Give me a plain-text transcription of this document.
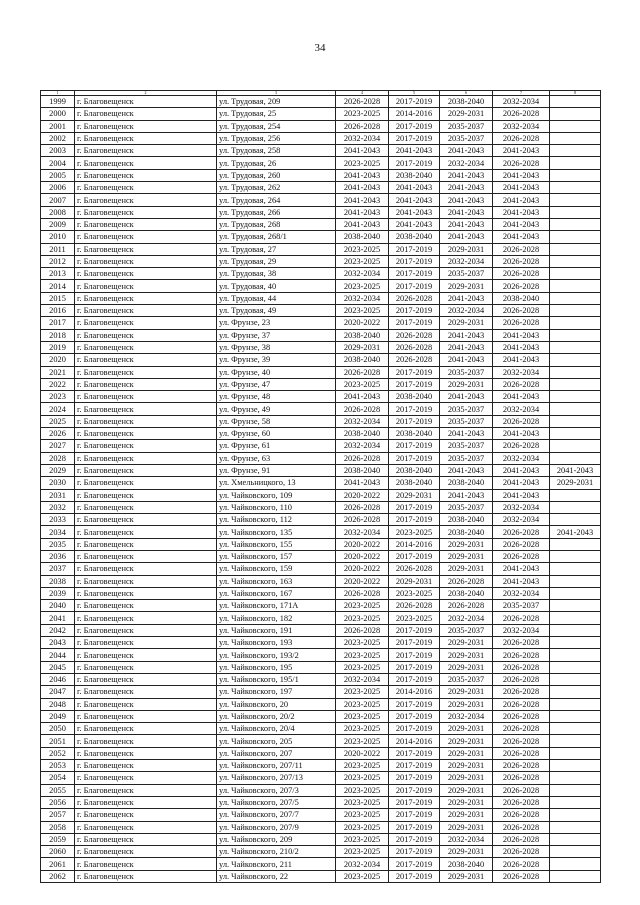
34
1	2	3	4	5	6	7	8
1999	г. Благовещенск	ул. Трудовая, 209	2026-2028	2017-2019	2038-2040	2032-2034	
2000	г. Благовещенск	ул. Трудовая, 25	2023-2025	2014-2016	2029-2031	2026-2028	
2001	г. Благовещенск	ул. Трудовая, 254	2026-2028	2017-2019	2035-2037	2032-2034	
2002	г. Благовещенск	ул. Трудовая, 256	2032-2034	2017-2019	2035-2037	2026-2028	
2003	г. Благовещенск	ул. Трудовая, 258	2041-2043	2041-2043	2041-2043	2041-2043	
2004	г. Благовещенск	ул. Трудовая, 26	2023-2025	2017-2019	2032-2034	2026-2028	
2005	г. Благовещенск	ул. Трудовая, 260	2041-2043	2038-2040	2041-2043	2041-2043	
2006	г. Благовещенск	ул. Трудовая, 262	2041-2043	2041-2043	2041-2043	2041-2043	
2007	г. Благовещенск	ул. Трудовая, 264	2041-2043	2041-2043	2041-2043	2041-2043	
2008	г. Благовещенск	ул. Трудовая, 266	2041-2043	2041-2043	2041-2043	2041-2043	
2009	г. Благовещенск	ул. Трудовая, 268	2041-2043	2041-2043	2041-2043	2041-2043	
2010	г. Благовещенск	ул. Трудовая, 268/1	2038-2040	2038-2040	2041-2043	2041-2043	
2011	г. Благовещенск	ул. Трудовая, 27	2023-2025	2017-2019	2029-2031	2026-2028	
2012	г. Благовещенск	ул. Трудовая, 29	2023-2025	2017-2019	2032-2034	2026-2028	
2013	г. Благовещенск	ул. Трудовая, 38	2032-2034	2017-2019	2035-2037	2026-2028	
2014	г. Благовещенск	ул. Трудовая, 40	2023-2025	2017-2019	2029-2031	2026-2028	
2015	г. Благовещенск	ул. Трудовая, 44	2032-2034	2026-2028	2041-2043	2038-2040	
2016	г. Благовещенск	ул. Трудовая, 49	2023-2025	2017-2019	2032-2034	2026-2028	
2017	г. Благовещенск	ул. Фрунзе, 23	2020-2022	2017-2019	2029-2031	2026-2028	
2018	г. Благовещенск	ул. Фрунзе, 37	2038-2040	2026-2028	2041-2043	2041-2043	
2019	г. Благовещенск	ул. Фрунзе, 38	2029-2031	2026-2028	2041-2043	2041-2043	
2020	г. Благовещенск	ул. Фрунзе, 39	2038-2040	2026-2028	2041-2043	2041-2043	
2021	г. Благовещенск	ул. Фрунзе, 40	2026-2028	2017-2019	2035-2037	2032-2034	
2022	г. Благовещенск	ул. Фрунзе, 47	2023-2025	2017-2019	2029-2031	2026-2028	
2023	г. Благовещенск	ул. Фрунзе, 48	2041-2043	2038-2040	2041-2043	2041-2043	
2024	г. Благовещенск	ул. Фрунзе, 49	2026-2028	2017-2019	2035-2037	2032-2034	
2025	г. Благовещенск	ул. Фрунзе, 58	2032-2034	2017-2019	2035-2037	2026-2028	
2026	г. Благовещенск	ул. Фрунзе, 60	2038-2040	2038-2040	2041-2043	2041-2043	
2027	г. Благовещенск	ул. Фрунзе, 61	2032-2034	2017-2019	2035-2037	2026-2028	
2028	г. Благовещенск	ул. Фрунзе, 63	2026-2028	2017-2019	2035-2037	2032-2034	
2029	г. Благовещенск	ул. Фрунзе, 91	2038-2040	2038-2040	2041-2043	2041-2043	2041-2043
2030	г. Благовещенск	ул. Хмельницкого, 13	2041-2043	2038-2040	2038-2040	2041-2043	2029-2031
2031	г. Благовещенск	ул. Чайковского, 109	2020-2022	2029-2031	2041-2043	2041-2043	
2032	г. Благовещенск	ул. Чайковского, 110	2026-2028	2017-2019	2035-2037	2032-2034	
2033	г. Благовещенск	ул. Чайковского, 112	2026-2028	2017-2019	2038-2040	2032-2034	
2034	г. Благовещенск	ул. Чайковского, 135	2032-2034	2023-2025	2038-2040	2026-2028	2041-2043
2035	г. Благовещенск	ул. Чайковского, 155	2020-2022	2014-2016	2029-2031	2026-2028	
2036	г. Благовещенск	ул. Чайковского, 157	2020-2022	2017-2019	2029-2031	2026-2028	
2037	г. Благовещенск	ул. Чайковского, 159	2020-2022	2026-2028	2029-2031	2041-2043	
2038	г. Благовещенск	ул. Чайковского, 163	2020-2022	2029-2031	2026-2028	2041-2043	
2039	г. Благовещенск	ул. Чайковского, 167	2026-2028	2023-2025	2038-2040	2032-2034	
2040	г. Благовещенск	ул. Чайковского, 171А	2023-2025	2026-2028	2026-2028	2035-2037	
2041	г. Благовещенск	ул. Чайковского, 182	2023-2025	2023-2025	2032-2034	2026-2028	
2042	г. Благовещенск	ул. Чайковского, 191	2026-2028	2017-2019	2035-2037	2032-2034	
2043	г. Благовещенск	ул. Чайковского, 193	2023-2025	2017-2019	2029-2031	2026-2028	
2044	г. Благовещенск	ул. Чайковского, 193/2	2023-2025	2017-2019	2029-2031	2026-2028	
2045	г. Благовещенск	ул. Чайковского, 195	2023-2025	2017-2019	2029-2031	2026-2028	
2046	г. Благовещенск	ул. Чайковского, 195/1	2032-2034	2017-2019	2035-2037	2026-2028	
2047	г. Благовещенск	ул. Чайковского, 197	2023-2025	2014-2016	2029-2031	2026-2028	
2048	г. Благовещенск	ул. Чайковского, 20	2023-2025	2017-2019	2029-2031	2026-2028	
2049	г. Благовещенск	ул. Чайковского, 20/2	2023-2025	2017-2019	2032-2034	2026-2028	
2050	г. Благовещенск	ул. Чайковского, 20/4	2023-2025	2017-2019	2029-2031	2026-2028	
2051	г. Благовещенск	ул. Чайковского, 205	2023-2025	2014-2016	2029-2031	2026-2028	
2052	г. Благовещенск	ул. Чайковского, 207	2020-2022	2017-2019	2029-2031	2026-2028	
2053	г. Благовещенск	ул. Чайковского, 207/11	2023-2025	2017-2019	2029-2031	2026-2028	
2054	г. Благовещенск	ул. Чайковского, 207/13	2023-2025	2017-2019	2029-2031	2026-2028	
2055	г. Благовещенск	ул. Чайковского, 207/3	2023-2025	2017-2019	2029-2031	2026-2028	
2056	г. Благовещенск	ул. Чайковского, 207/5	2023-2025	2017-2019	2029-2031	2026-2028	
2057	г. Благовещенск	ул. Чайковского, 207/7	2023-2025	2017-2019	2029-2031	2026-2028	
2058	г. Благовещенск	ул. Чайковского, 207/9	2023-2025	2017-2019	2029-2031	2026-2028	
2059	г. Благовещенск	ул. Чайковского, 209	2023-2025	2017-2019	2032-2034	2026-2028	
2060	г. Благовещенск	ул. Чайковского, 210/2	2023-2025	2017-2019	2029-2031	2026-2028	
2061	г. Благовещенск	ул. Чайковского, 211	2032-2034	2017-2019	2038-2040	2026-2028	
2062	г. Благовещенск	ул. Чайковского, 22	2023-2025	2017-2019	2029-2031	2026-2028	
